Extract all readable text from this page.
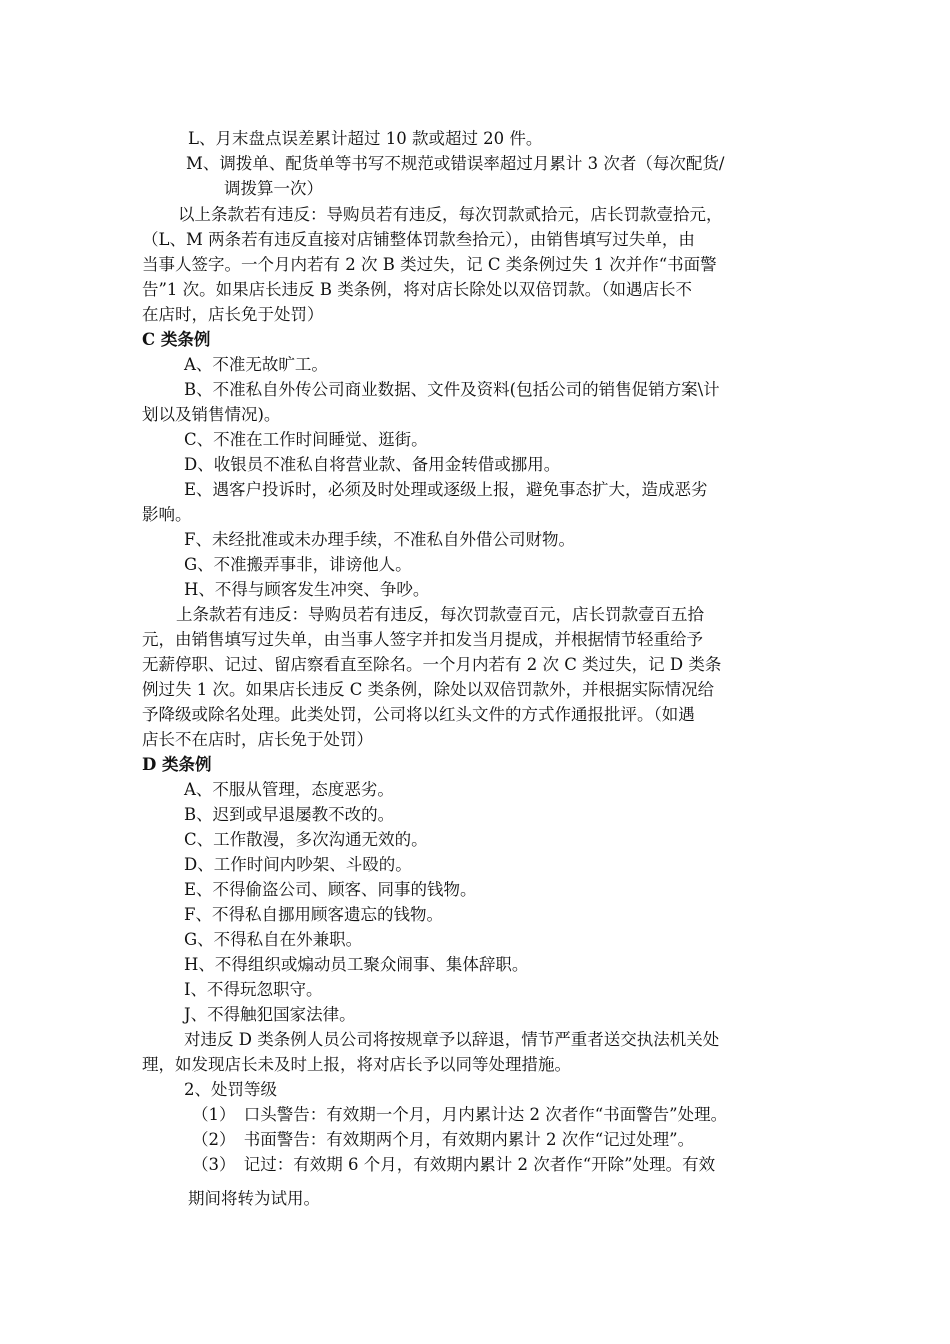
L、月末盘点误差累计超过 10 款或超过 20 件。
M、调拨单、配货单等书写不规范或错误率超过月累计 3 次者（每次配货/
调拨算一次）
以上条款若有违反：导购员若有违反，每次罚款贰拾元，店长罚款壹拾元，
（L、M 两条若有违反直接对店铺整体罚款叁拾元），由销售填写过失单，由
当事人签字。一个月内若有 2 次 B 类过失，记 C 类条例过失 1 次并作“书面警
告”1 次。如果店长违反 B 类条例，将对店长除处以双倍罚款。（如遇店长不
在店时，店长免于处罚）
C 类条例
A、不准无故旷工。
B、不准私自外传公司商业数据、文件及资料(包括公司的销售促销方案\计
划以及销售情况)。
C、不准在工作时间睡觉、逛街。
D、收银员不准私自将营业款、备用金转借或挪用。
E、遇客户投诉时，必须及时处理或逐级上报，避免事态扩大，造成恶劣
影响。
F、未经批准或未办理手续，不准私自外借公司财物。
G、不准搬弄事非，诽谤他人。
H、不得与顾客发生冲突、争吵。
上条款若有违反：导购员若有违反，每次罚款壹百元，店长罚款壹百五拾
元，由销售填写过失单，由当事人签字并扣发当月提成，并根据情节轻重给予
无薪停职、记过、留店察看直至除名。一个月内若有 2 次 C 类过失，记 D 类条
例过失 1 次。如果店长违反 C 类条例，除处以双倍罚款外，并根据实际情况给
予降级或除名处理。此类处罚，公司将以红头文件的方式作通报批评。（如遇
店长不在店时，店长免于处罚）
D 类条例
A、不服从管理，态度恶劣。
B、迟到或早退屡教不改的。
C、工作散漫，多次沟通无效的。
D、工作时间内吵架、斗殴的。
E、不得偷盗公司、顾客、同事的钱物。
F、不得私自挪用顾客遗忘的钱物。
G、不得私自在外兼职。
H、不得组织或煽动员工聚众闹事、集体辞职。
I、不得玩忽职守。
J、不得触犯国家法律。
对违反 D 类条例人员公司将按规章予以辞退，情节严重者送交执法机关处
理，如发现店长未及时上报，将对店长予以同等处理措施。
2、处罚等级
（1）　口头警告：有效期一个月，月内累计达 2 次者作“书面警告”处理。
（2）　书面警告：有效期两个月，有效期内累计 2 次作“记过处理”。
（3）　记过：有效期 6 个月，有效期内累计 2 次者作“开除”处理。有效
期间将转为试用。
